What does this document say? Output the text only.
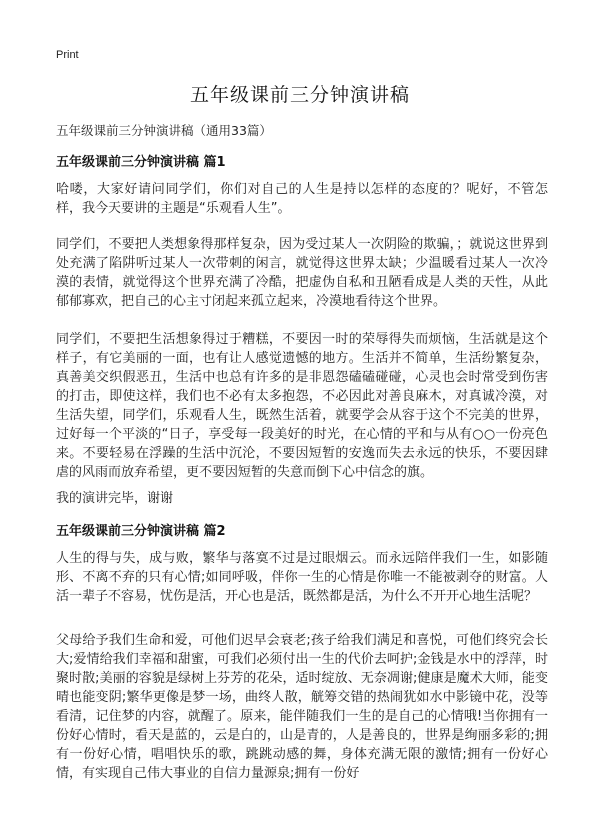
Print
五年级课前三分钟演讲稿
五年级课前三分钟演讲稿（通用33篇）
五年级课前三分钟演讲稿 篇1

哈喽，大家好请问同学们，你们对自己的人生是持以怎样的态度的？呢好，不管怎样，我今天要讲的主题是“乐观看人生”。

同学们，不要把人类想象得那样复杂，因为受过某人一次阴险的欺骗，；就说这世界到处充满了陷阱听过某人一次带刺的闲言，就觉得这世界太缺；少温暖看过某人一次冷漠的表情，就觉得这个世界充满了冷酷，把虚伪自私和丑陋看成是人类的天性，从此郁郁寡欢，把自己的心主寸闭起来孤立起来，冷漠地看待这个世界。

同学们，不要把生活想象得过于糟糕，不要因一时的荣辱得失而烦恼，生活就是这个样子，有它美丽的一面，也有让人感觉遗憾的地方。生活并不简单，生活纷繁复杂，真善美交织假恶丑，生活中也总有许多的是非恩怨磕磕碰碰，心灵也会时常受到伤害的打击，即使这样，我们也不必有太多抱怨，不必因此对善良麻木，对真诚冷漠，对生活失望，同学们，乐观看人生，既然生活着，就要学会从容于这个不完美的世界，过好每一个平淡的“日子，享受每一段美好的时光，在心情的平和与从有○○一份亮色来。不要轻易在浮躁的生活中沉沦，不要因短暂的安逸而失去永远的快乐，不要因肆虐的风雨而放弃希望，更不要因短暂的失意而倒下心中信念的旗。

我的演讲完毕，谢谢

五年级课前三分钟演讲稿 篇2

人生的得与失，成与败，繁华与落寞不过是过眼烟云。而永远陪伴我们一生，如影随形、不离不弃的只有心情;如同呼吸，伴你一生的心情是你唯一不能被剥夺的财富。人活一辈子不容易，忧伤是活，开心也是活，既然都是活，为什么不开开心地生活呢？

父母给予我们生命和爱，可他们迟早会衰老;孩子给我们满足和喜悦，可他们终究会长大;爱情给我们幸福和甜蜜，可我们必须付出一生的代价去呵护;金钱是水中的浮萍，时聚时散;美丽的容貌是绿树上芬芳的花朵，适时绽放、无奈凋谢;健康是魔术大师，能变晴也能变阴;繁华更像是梦一场，曲终人散，觥筹交错的热闹犹如水中影镜中花，没等看清，记住梦的内容，就醒了。原来，能伴随我们一生的是自己的心情哦!当你拥有一份好心情时，看天是蓝的，云是白的，山是青的，人是善良的，世界是绚丽多彩的;拥有一份好心情，唱唱快乐的歌，跳跳动感的舞，身体充满无限的激情;拥有一份好心情，有实现自己伟大事业的自信力量源泉;拥有一份好
